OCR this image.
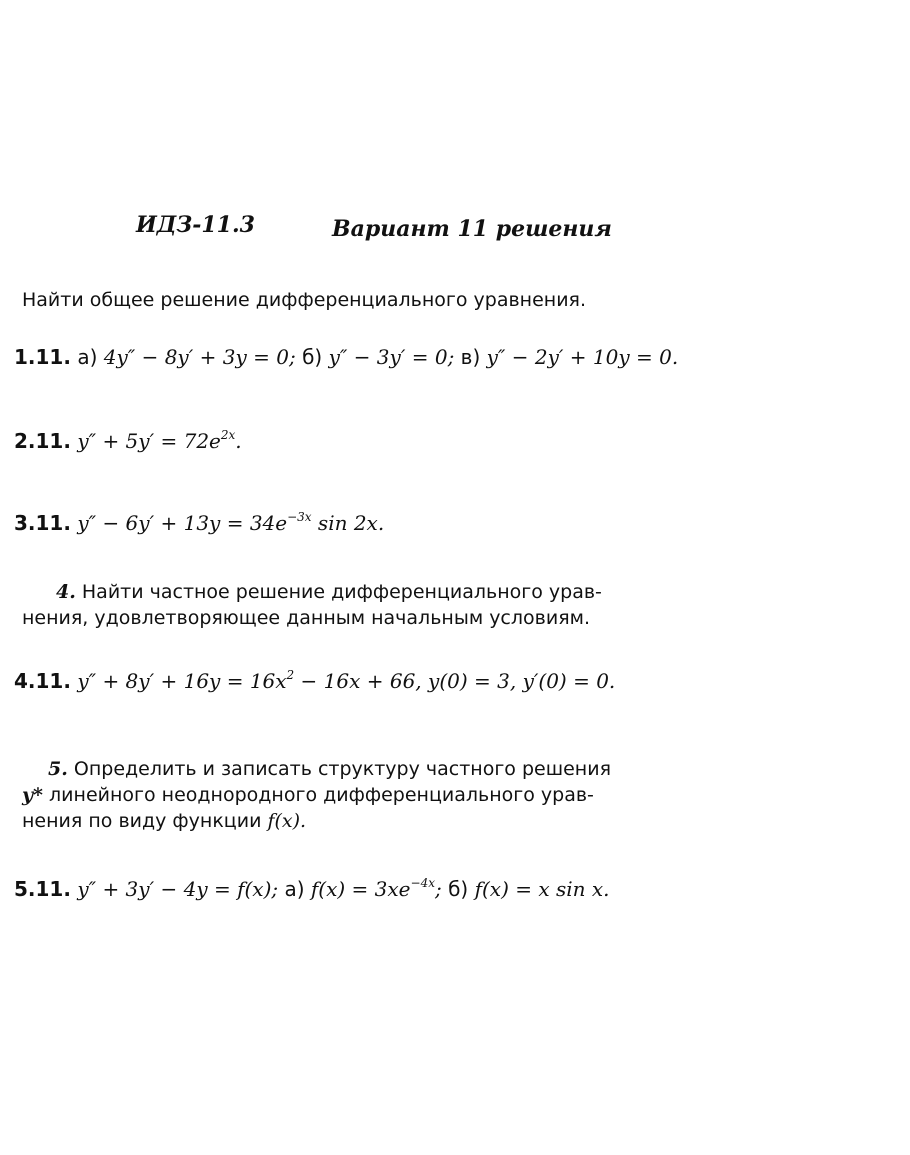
ИДЗ-11.3	Вариант 11 решения
Найти общее решение дифференциального уравнения.
1.11. а) 4y″ − 8y′ + 3y = 0; б) y″ − 3y′ = 0; в) y″ − 2y′ + 10y = 0.
2.11. $y'' + 5y' = 72e^{2x}$.
3.11. $y'' - 6y' + 13y = 34e^{-3x}$ sin 2x.
4. Найти частное решение дифференциального урав-
нения, удовлетворяющее данным начальным условиям.
4.11. $y'' + 8y' + 16y = 16x^2 - 16x + 66$, y(0) = 3, y′(0) = 0.
5. Определить и записать структуру частного решения
y* линейного неоднородного дифференциального урав-
нения по виду функции f(x).
5.11. y″ + 3y′ − 4y = f(x); а) $f(x) = 3xe^{-4x}$; б) f(x) = x sin x.
